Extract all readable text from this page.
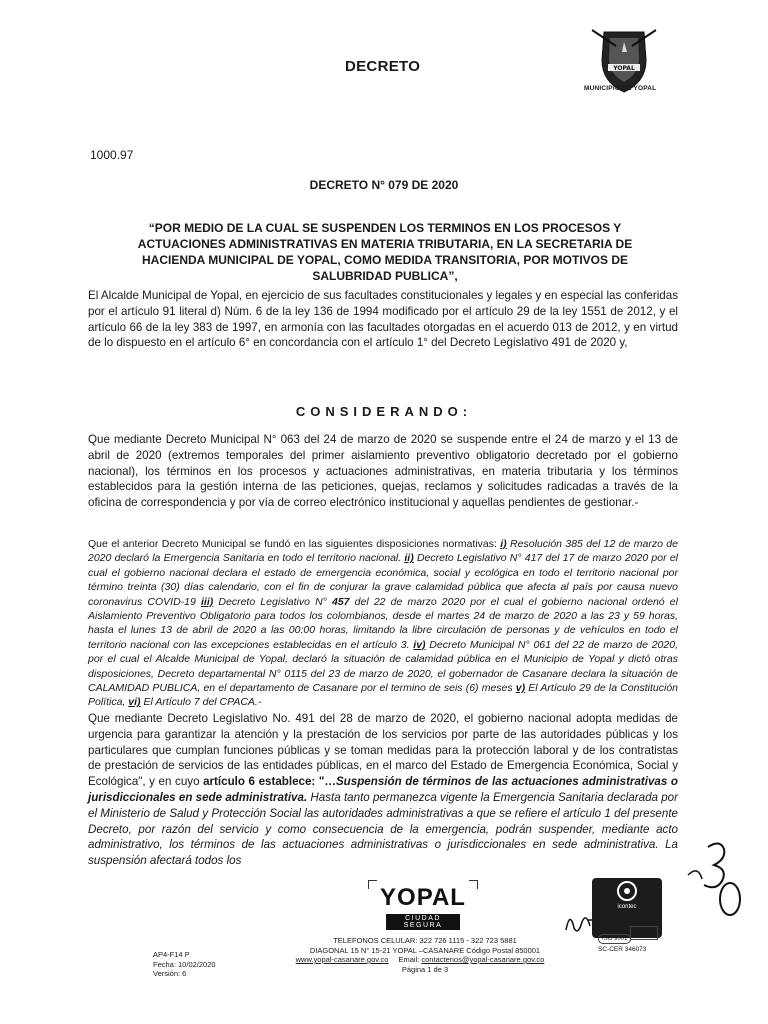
DECRETO	YOPAL
MUNICIPIO DE YOPAL
1000.97
DECRETO N° 079 DE 2020
“POR MEDIO DE LA CUAL SE SUSPENDEN LOS TERMINOS EN LOS PROCESOS Y ACTUACIONES ADMINISTRATIVAS EN MATERIA TRIBUTARIA, EN LA SECRETARIA DE HACIENDA MUNICIPAL DE YOPAL, COMO MEDIDA TRANSITORIA, POR MOTIVOS DE SALUBRIDAD PUBLICA”,

El Alcalde Municipal de Yopal, en ejercicio de sus facultades constitucionales y legales y en especial las conferidas por el artículo 91 literal d) Núm. 6 de la ley 136 de 1994 modificado por el artículo 29 de la ley 1551 de 2012, y el artículo 66 de la ley 383 de 1997, en armonía con las facultades otorgadas en el acuerdo 013 de 2012, y en virtud de lo dispuesto en el artículo 6° en concordancia con el artículo 1° del Decreto Legislativo 491 de 2020 y,

CONSIDERANDO:

Que mediante Decreto Municipal N° 063 del 24 de marzo de 2020 se suspende entre el 24 de marzo y el 13 de abril de 2020 (extremos temporales del primer aislamiento preventivo obligatorio decretado por el gobierno nacional), los términos en los procesos y actuaciones administrativas, en materia tributaria y los términos establecidos para la gestión interna de las peticiones, quejas, reclamos y solicitudes radicadas a través de la oficina de correspondencia y por vía de correo electrónico institucional y aquellas pendientes de gestionar.-

Que el anterior Decreto Municipal se fundó en las siguientes disposiciones normativas: i) Resolución 385 del 12 de marzo de 2020 declaró la Emergencia Sanitaria en todo el territorio nacional. ii) Decreto Legislativo N° 417 del 17 de marzo 2020 por el cual el gobierno nacional declara el estado de emergencia económica, social y ecológica en todo el territorio nacional por término treinta (30) días calendario, con el fin de conjurar la grave calamidad pública que afecta al país por causa nuevo coronavirus COVID-19 iii) Decreto Legislativo N° 457 del 22 de marzo 2020 por el cual el gobierno nacional ordenó el Aislamiento Preventivo Obligatorio para todos los colombianos, desde el martes 24 de marzo de 2020 a las 23 y 59 horas, hasta el lunes 13 de abril de 2020 a las 00:00 horas, limitando la libre circulación de personas y de vehículos en todo el territorio nacional con las excepciones establecidas en el artículo 3. iv) Decreto Municipal N° 061 del 22 de marzo de 2020, por el cual el Alcalde Municipal de Yopal, declaró la situación de calamidad pública en el Municipio de Yopal y dictó otras disposiciones, Decreto departamental N° 0115 del 23 de marzo de 2020, el gobernador de Casanare declara la situación de CALAMIDAD PUBLICA, en el departamento de Casanare por el termino de seis (6) meses v) El Artículo 29 de la Constitución Política, vi) El Artículo 7 del CPACA.-

Que mediante Decreto Legislativo No. 491 del 28 de marzo de 2020, el gobierno nacional adopta medidas de urgencia para garantizar la atención y la prestación de los servicios por parte de las autoridades públicas y los particulares que cumplan funciones públicas y se toman medidas para la protección laboral y de los contratistas de prestación de servicios de las entidades públicas, en el marco del Estado de Emergencia Económica, Social y Ecológica", y en cuyo artículo 6 establece: "…Suspensión de términos de las actuaciones administrativas o jurisdiccionales en sede administrativa. Hasta tanto permanezca vigente la Emergencia Sanitaria declarada por el Ministerio de Salud y Protección Social las autoridades administrativas a que se refiere el artículo 1 del presente Decreto, por razón del servicio y como consecuencia de la emergencia, podrán suspender, mediante acto administrativo, los términos de las actuaciones administrativas o jurisdiccionales en sede administrativa. La suspensión afectará todos los

YOPAL
CIUDAD SEGURA
AP4-F14 P
Fecha: 10/02/2020
Versión: 6
TELEFONOS CELULAR: 322 726 1115 - 322 723 5881
DIAGONAL 15 N° 15-21 YOPAL –CASANARE Código Postal 850001
www.yopal-casanare.gov.co Email: contactenos@yopal-casanare.gov.co
Página 1 de 3
icontec
ISO 9001
SC-CER 346073
